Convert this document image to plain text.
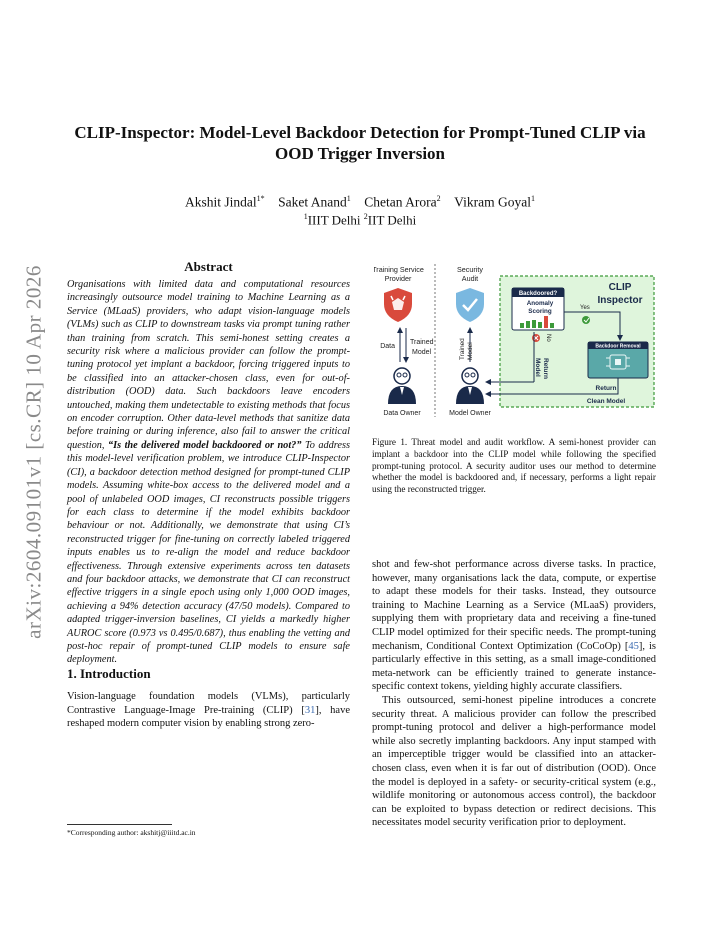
arXiv:2604.09101v1 [cs.CR] 10 Apr 2026
CLIP-Inspector: Model-Level Backdoor Detection for Prompt-Tuned CLIP via OOD Trigger Inversion
Akshit Jindal$^{1*}$ Saket Anand$^1$ Chetan Arora$^2$ Vikram Goyal$^1$
$^1$IIIT Delhi $^2$IIT Delhi
Abstract
Organisations with limited data and computational resources increasingly outsource model training to Machine Learning as a Service (MLaaS) providers, who adapt vision-language models (VLMs) such as CLIP to downstream tasks via prompt tuning rather than training from scratch. This semi-honest setting creates a security risk where a malicious provider can follow the prompt-tuning protocol yet implant a backdoor, forcing triggered inputs to be classified into an attacker-chosen class, even for out-of-distribution (OOD) data. Such backdoors leave encoders untouched, making them undetectable to existing methods that focus on encoder corruption. Other data-level methods that sanitize data before training or during inference, also fail to answer the critical question, “Is the delivered model backdoored or not?” To address this model-level verification problem, we introduce CLIP-Inspector (CI), a backdoor detection method designed for prompt-tuned CLIP models. Assuming white-box access to the delivered model and a pool of unlabeled OOD images, CI reconstructs possible triggers for each class to determine if the model exhibits backdoor behaviour or not. Additionally, we demonstrate that using CI’s reconstructed trigger for fine-tuning on correctly labeled triggered inputs enables us to re-align the model and reduce backdoor effectiveness. Through extensive experiments across ten datasets and four backdoor attacks, we demonstrate that CI can reconstruct effective triggers in a single epoch using only 1,000 OOD images, achieving a 94% detection accuracy (47/50 models). Compared to adapted trigger-inversion baselines, CI yields a markedly higher AUROC score (0.973 vs 0.495/0.687), thus enabling the vetting and post-hoc repair of prompt-tuned CLIP models to ensure safe deployment.
1. Introduction
Vision-language foundation models (VLMs), particularly Contrastive Language-Image Pre-training (CLIP) [31], have reshaped modern computer vision by enabling strong zero-
*Corresponding author: akshitj@iiitd.ac.in
Training Service
Provider
Security
Audit
Data
Trained
Model	Trained Model
Data Owner	Model Owner
CLIP
Inspector
Backdoored?
Anomaly
Scoring	Yes
No
Return
Model
Backdoor Removal
Return
Clean Model
Figure 1. Threat model and audit workflow. A semi-honest provider can implant a backdoor into the CLIP model while following the specified prompt-tuning protocol. A security auditor uses our method to determine whether the model is backdoored and, if necessary, performs a light repair using the reconstructed trigger.

shot and few-shot performance across diverse tasks. In practice, however, many organisations lack the data, compute, or expertise to adapt these models for their tasks. Instead, they outsource training to Machine Learning as a Service (MLaaS) providers, supplying them with proprietary data and receiving a fine-tuned CLIP model optimized for their specific needs. The prompt-tuning mechanism, Conditional Context Optimization (CoCoOp) [45], is particularly effective in this setting, as a small image-conditioned meta-network can be efficiently trained to generate instance-specific context tokens, yielding highly accurate classifiers.

This outsourced, semi-honest pipeline introduces a concrete security threat. A malicious provider can follow the prescribed prompt-tuning protocol and deliver a high-performance model while also secretly implanting backdoors. Any input stamped with an imperceptible trigger would be classified into an attacker-chosen class, even when it is far out of distribution (OOD). Once the model is deployed in a safety- or security-critical system (e.g., wildlife monitoring or autonomous access control), the backdoor can be exploited to bypass detection or redirect decisions. This necessitates model security verification prior to deployment.
